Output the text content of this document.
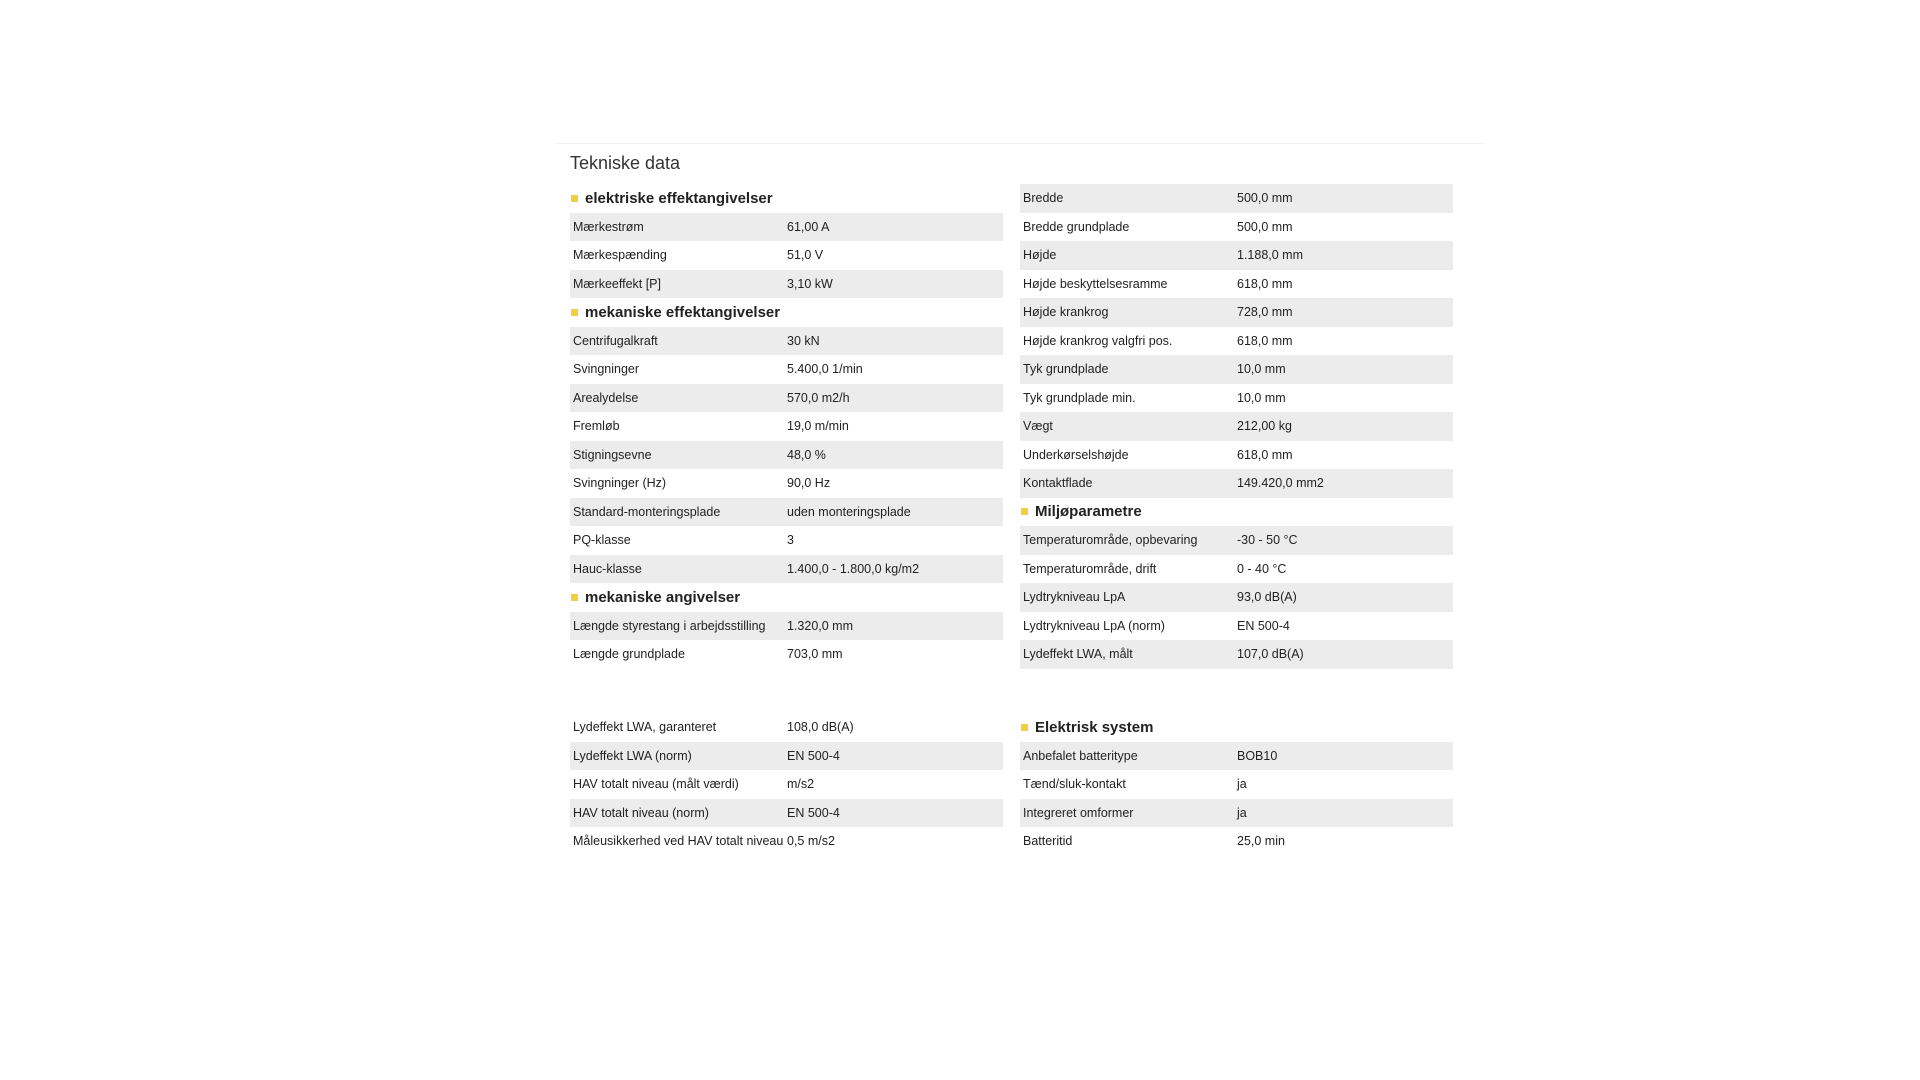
Tekniske data
elektriske effektangivelser
Mærkestrøm	61,00 A
Mærkespænding	51,0 V
Mærkeeffekt [P]	3,10 kW
mekaniske effektangivelser
Centrifugalkraft	30 kN
Svingninger	5.400,0 1/min
Arealydelse	570,0 m2/h
Fremløb	19,0 m/min
Stigningsevne	48,0 %
Svingninger (Hz)	90,0 Hz
Standard-monteringsplade	uden monteringsplade
PQ-klasse	3
Hauc-klasse	1.400,0 - 1.800,0 kg/m2
mekaniske angivelser
Længde styrestang i arbejdsstilling	1.320,0 mm
Længde grundplade	703,0 mm
Bredde	500,0 mm
Bredde grundplade	500,0 mm
Højde	1.188,0 mm
Højde beskyttelsesramme	618,0 mm
Højde krankrog	728,0 mm
Højde krankrog valgfri pos.	618,0 mm
Tyk grundplade	10,0 mm
Tyk grundplade min.	10,0 mm
Vægt	212,00 kg
Underkørselshøjde	618,0 mm
Kontaktflade	149.420,0 mm2
Miljøparametre
Temperaturområde, opbevaring	-30 - 50 °C
Temperaturområde, drift	0 - 40 °C
Lydtrykniveau LpA	93,0 dB(A)
Lydtrykniveau LpA (norm)	EN 500-4
Lydeffekt LWA, målt	107,0 dB(A)
Lydeffekt LWA, garanteret	108,0 dB(A)
Lydeffekt LWA (norm)	EN 500-4
HAV totalt niveau (målt værdi)	m/s2
HAV totalt niveau (norm)	EN 500-4
Måleusikkerhed ved HAV totalt niveau 0,5 m/s2
Elektrisk system
Anbefalet batteritype	BOB10
Tænd/sluk-kontakt	ja
Integreret omformer	ja
Batteritid	25,0 min
